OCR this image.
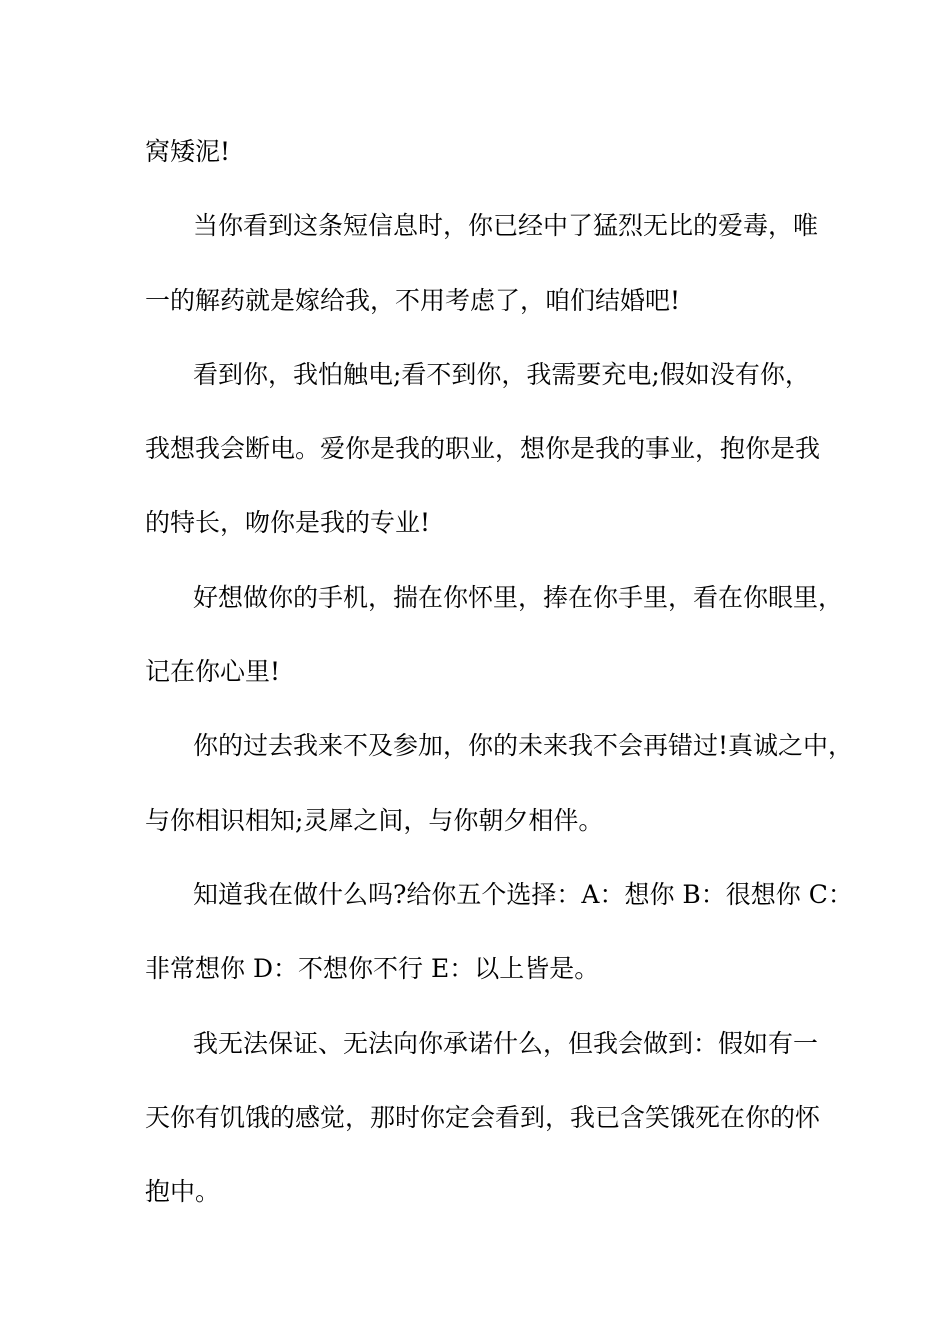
窝矮泥!
当你看到这条短信息时，你已经中了猛烈无比的爱毒，唯
一的解药就是嫁给我，不用考虑了，咱们结婚吧!
看到你，我怕触电;看不到你，我需要充电;假如没有你，
我想我会断电。爱你是我的职业，想你是我的事业，抱你是我
的特长，吻你是我的专业!
好想做你的手机，揣在你怀里，捧在你手里，看在你眼里，
记在你心里!
你的过去我来不及参加，你的未来我不会再错过!真诚之中，
与你相识相知;灵犀之间，与你朝夕相伴。
知道我在做什么吗?给你五个选择：A：想你 B：很想你 C：
非常想你 D：不想你不行 E：以上皆是。
我无法保证、无法向你承诺什么，但我会做到：假如有一
天你有饥饿的感觉，那时你定会看到，我已含笑饿死在你的怀
抱中。
